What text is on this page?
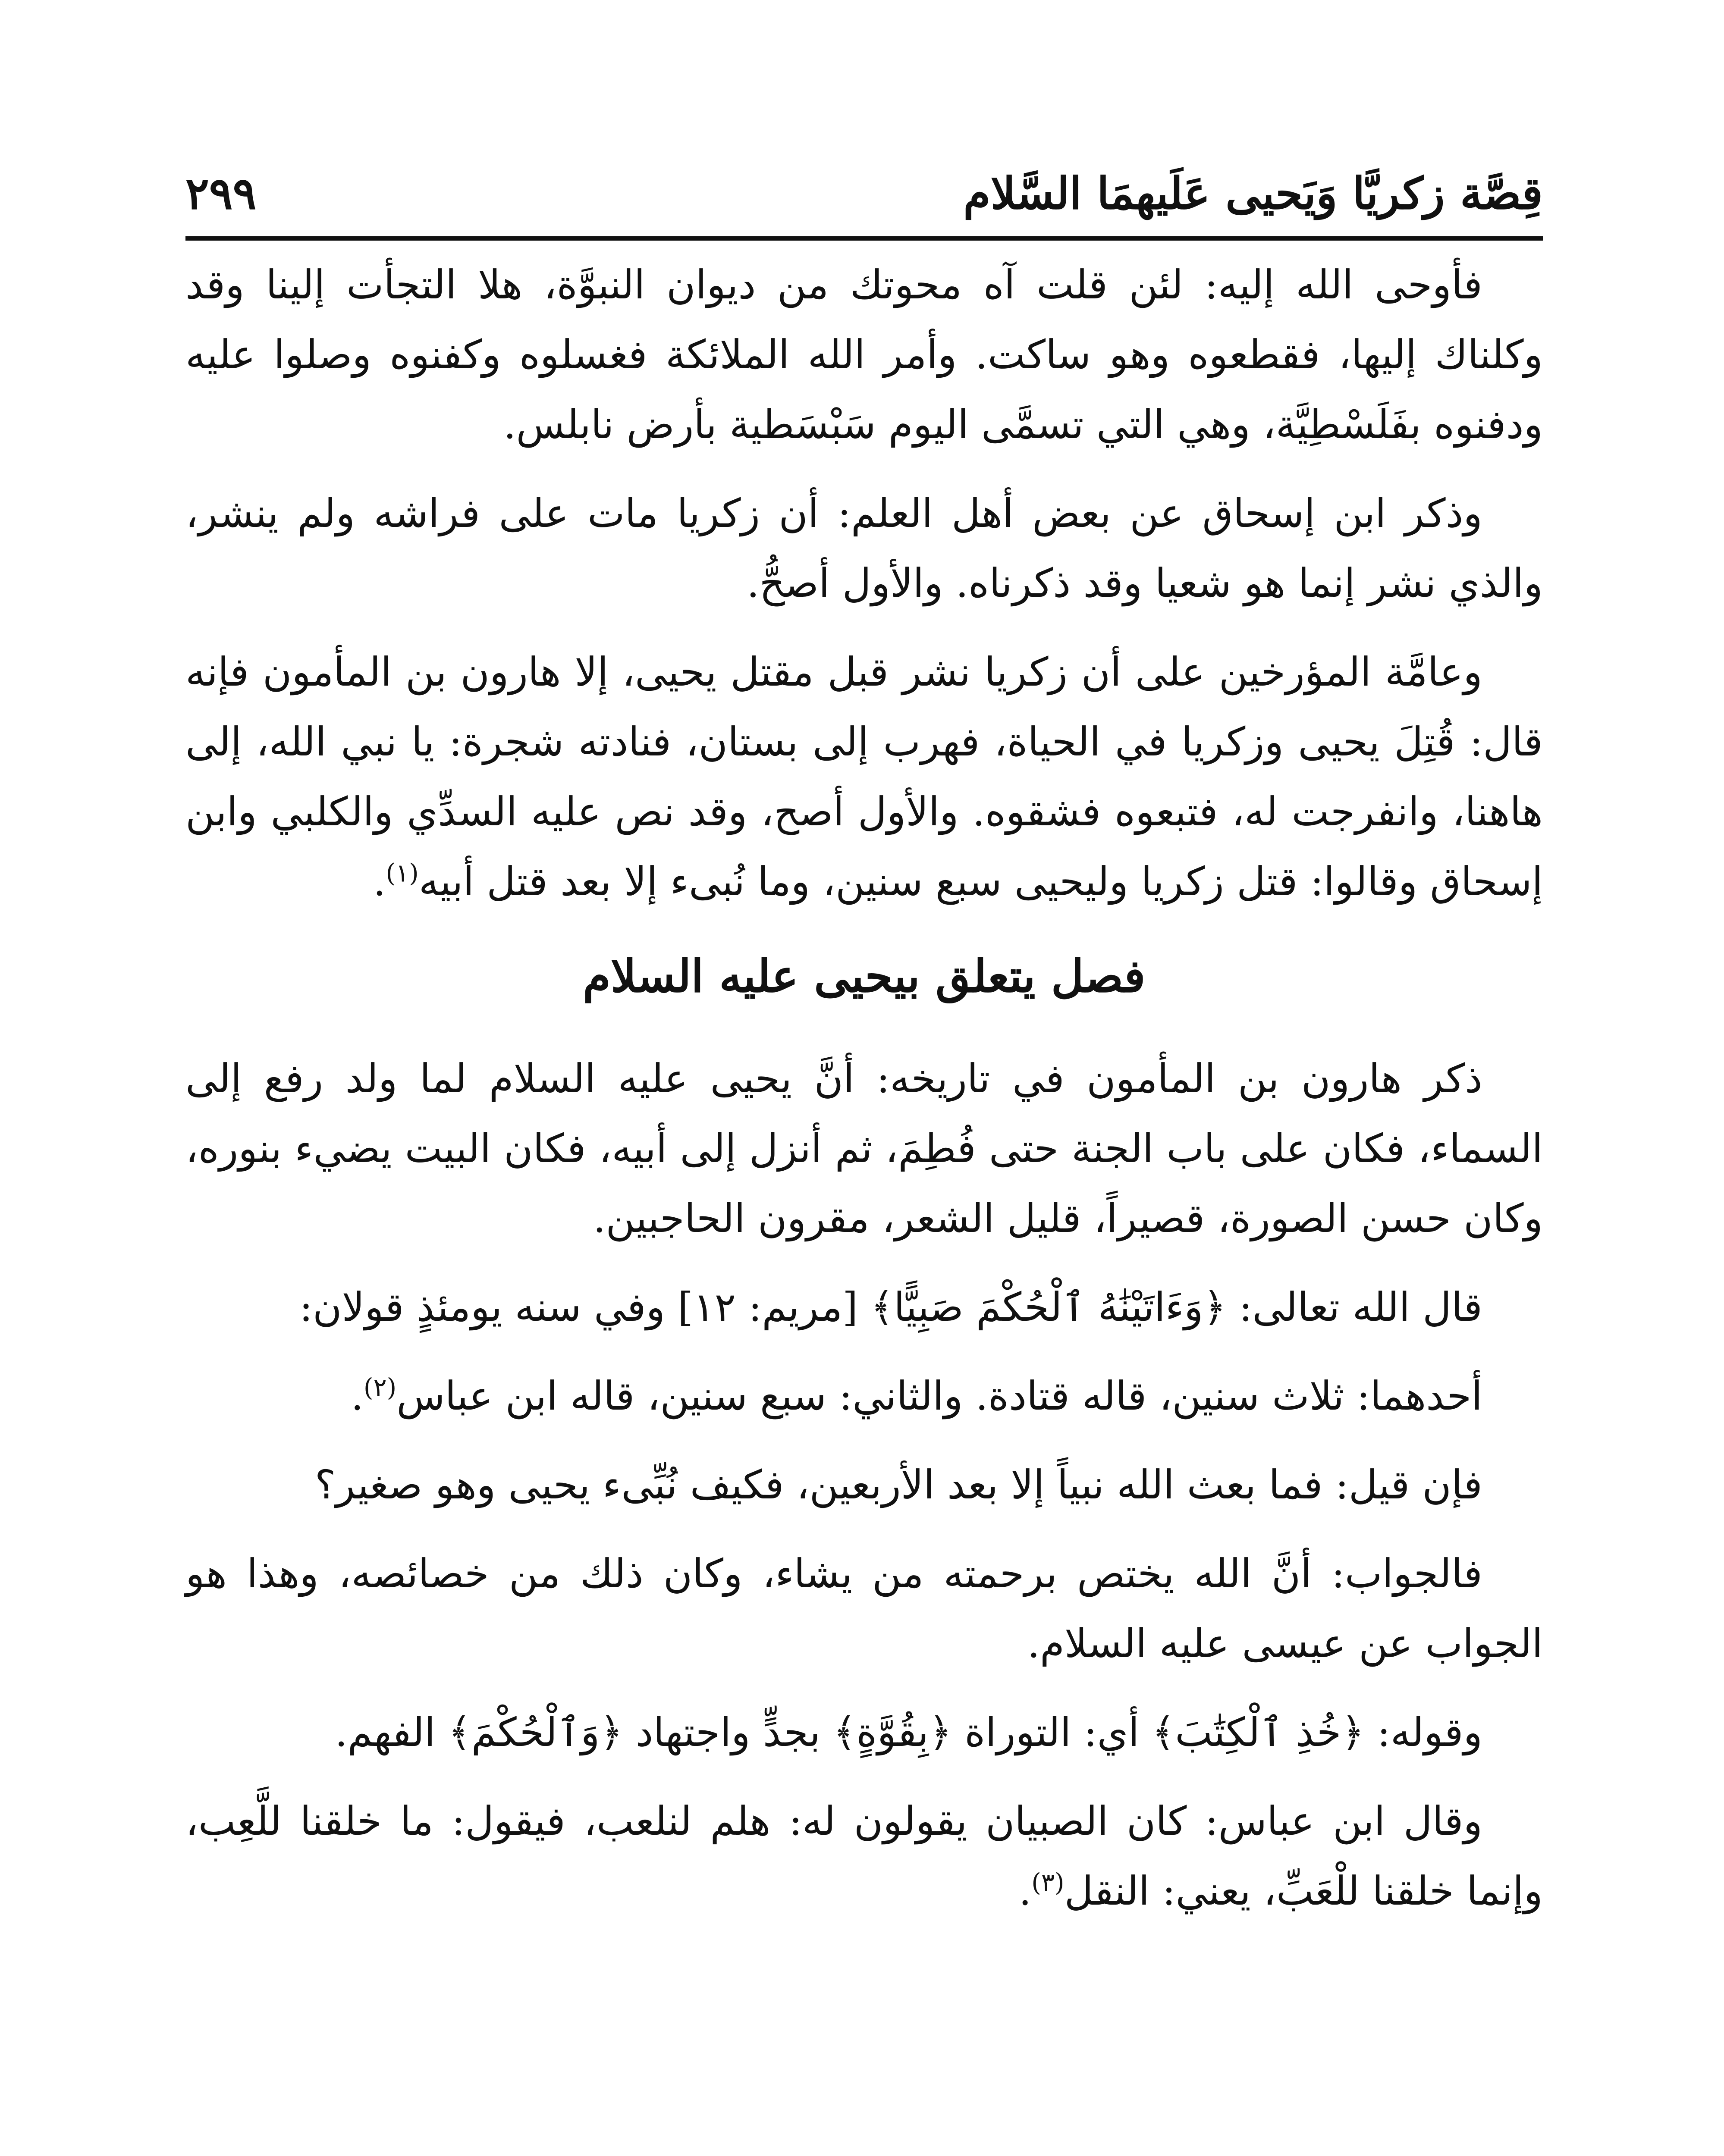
قِصَّة زكريَّا وَيَحيى عَلَيهمَا السَّلام
٢٩٩

فأوحى الله إليه: لئن قلت آه محوتك من ديوان النبوَّة، هلا التجأت إلينا وقد وكلناك إليها، فقطعوه وهو ساكت. وأمر الله الملائكة فغسلوه وكفنوه وصلوا عليه ودفنوه بفَلَسْطِيَّة، وهي التي تسمَّى اليوم سَبْسَطية بأرض نابلس.

وذكر ابن إسحاق عن بعض أهل العلم: أن زكريا مات على فراشه ولم ينشر، والذي نشر إنما هو شعيا وقد ذكرناه. والأول أصحُّ.

وعامَّة المؤرخين على أن زكريا نشر قبل مقتل يحيى، إلا هارون بن المأمون فإنه قال: قُتِلَ يحيى وزكريا في الحياة، فهرب إلى بستان، فنادته شجرة: يا نبي الله، إلى هاهنا، وانفرجت له، فتبعوه فشقوه. والأول أصح، وقد نص عليه السدِّي والكلبي وابن إسحاق وقالوا: قتل زكريا وليحيى سبع سنين، وما نُبىء إلا بعد قتل أبيه$^{(١)}$.

فصل يتعلق بيحيى عليه السلام

ذكر هارون بن المأمون في تاريخه: أنَّ يحيى عليه السلام لما ولد رفع إلى السماء، فكان على باب الجنة حتى فُطِمَ، ثم أنزل إلى أبيه، فكان البيت يضيء بنوره، وكان حسن الصورة، قصيراً، قليل الشعر، مقرون الحاجبين.

قال الله تعالى: ﴿وَءَاتَيْنَٰهُ ٱلْحُكْمَ صَبِيًّا﴾ [مريم: ١٢] وفي سنه يومئذٍ قولان:

أحدهما: ثلاث سنين، قاله قتادة. والثاني: سبع سنين، قاله ابن عباس$^{(٢)}$.

فإن قيل: فما بعث الله نبياً إلا بعد الأربعين، فكيف نُبِّىء يحيى وهو صغير؟

فالجواب: أنَّ الله يختص برحمته من يشاء، وكان ذلك من خصائصه، وهذا هو الجواب عن عيسى عليه السلام.

وقوله: ﴿خُذِ ٱلْكِتَٰبَ﴾ أي: التوراة ﴿بِقُوَّةٍ﴾ بجدٍّ واجتهاد ﴿وَٱلْحُكْمَ﴾ الفهم.

وقال ابن عباس: كان الصبيان يقولون له: هلم لنلعب، فيقول: ما خلقنا للَّعِب، وإنما خلقنا للْعَبِّ، يعني: النقل$^{(٣)}$.
